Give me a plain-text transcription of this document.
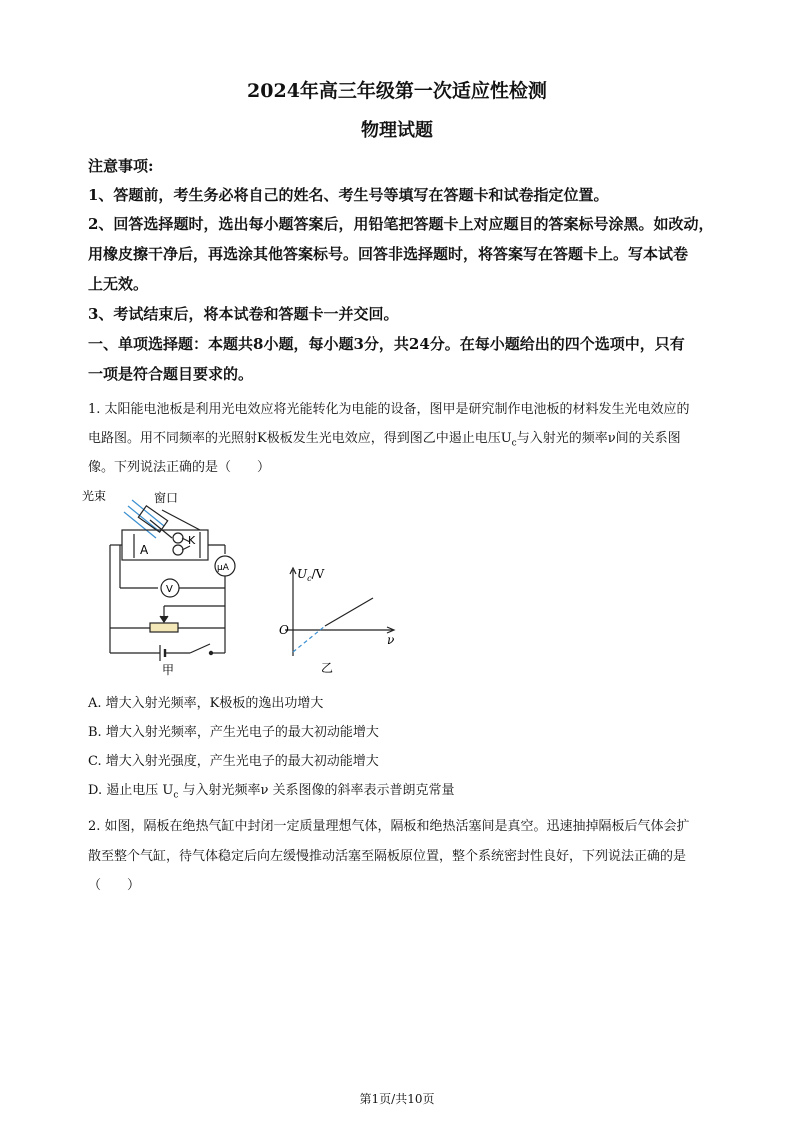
2024年高三年级第一次适应性检测
物理试题
注意事项:
1、答题前，考生务必将自己的姓名、考生号等填写在答题卡和试卷指定位置。
2、回答选择题时，选出每小题答案后，用铅笔把答题卡上对应题目的答案标号涂黑。如改动，
用橡皮擦干净后，再选涂其他答案标号。回答非选择题时，将答案写在答题卡上。写本试卷
上无效。
3、考试结束后，将本试卷和答题卡一并交回。
一、单项选择题：本题共8小题，每小题3分，共24分。在每小题给出的四个选项中，只有
一项是符合题目要求的。
1. 太阳能电池板是利用光电效应将光能转化为电能的设备，图甲是研究制作电池板的材料发生光电效应的
电路图。用不同频率的光照射K极板发生光电效应，得到图乙中遏止电压$U_c$与入射光的频率ν间的关系图
像。下列说法正确的是（　　）
光束	窗口
A
K
μA
V
甲
$U_c/V$
O
ν
乙
A. 增大入射光频率，K极板的逸出功增大
B. 增大入射光频率，产生光电子的最大初动能增大
C. 增大入射光强度，产生光电子的最大初动能增大
D. 遏止电压 $U_c$ 与入射光频率ν 关系图像的斜率表示普朗克常量
2. 如图，隔板在绝热气缸中封闭一定质量理想气体，隔板和绝热活塞间是真空。迅速抽掉隔板后气体会扩
散至整个气缸，待气体稳定后向左缓慢推动活塞至隔板原位置，整个系统密封性良好，下列说法正确的是
（　　）
第1页/共10页
